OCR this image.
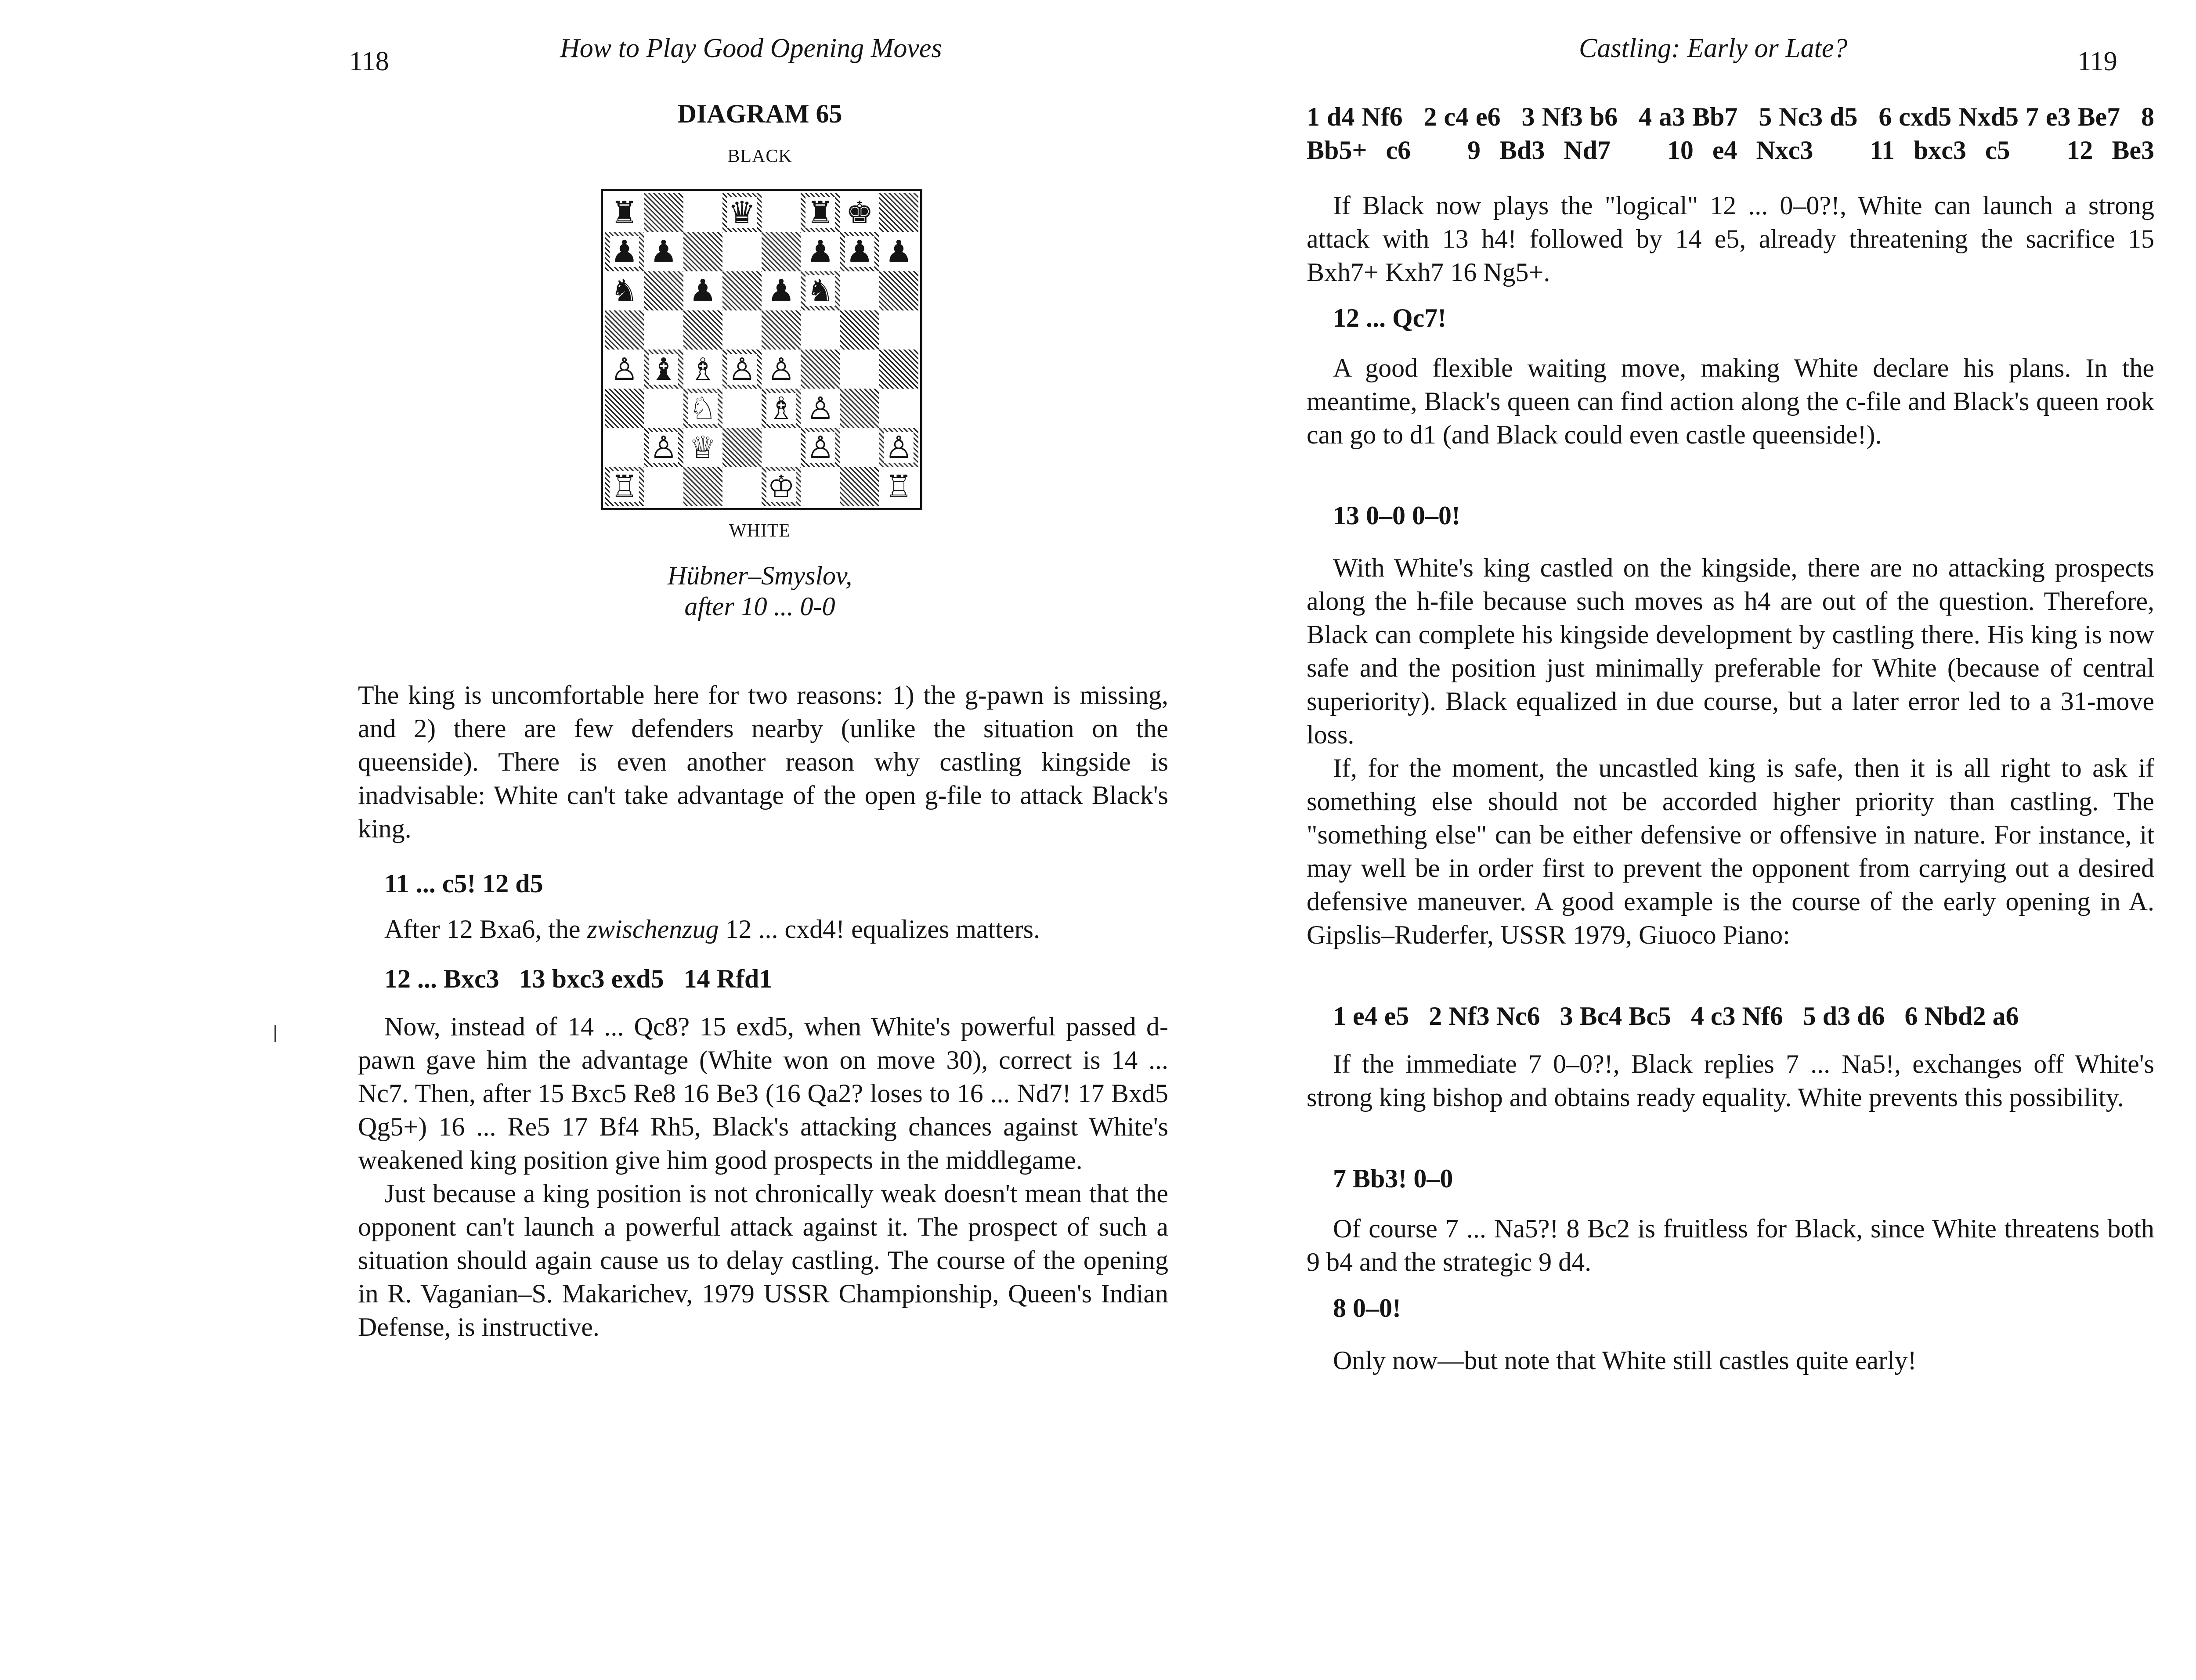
118	How to Play Good Opening Moves
DIAGRAM 65
BLACK
♜	♛ ♜ ♚
♟ ♟	♟ ♟ ♟
♞ ♟ ♟ ♞
♙ ♝ ♗ ♙ ♙
♘ ♗ ♙
♙ ♕	♙ ♙
♖	♔	♖
WHITE
Hübner–Smyslov,
after 10 ... 0-0

The king is uncomfortable here for two reasons: 1) the g-pawn is missing, and 2) there are few defenders nearby (unlike the situation on the queenside). There is even another reason why castling kingside is inadvisable: White can't take advantage of the open g-file to attack Black's king.

11 ... c5! 12 d5

After 12 Bxa6, the zwischenzug 12 ... cxd4! equalizes matters.

12 ... Bxc3   13 bxc3 exd5   14 Rfd1

Now, instead of 14 ... Qc8? 15 exd5, when White's powerful passed d-pawn gave him the advantage (White won on move 30), correct is 14 ... Nc7. Then, after 15 Bxc5 Re8 16 Be3 (16 Qa2? loses to 16 ... Nd7! 17 Bxd5 Qg5+) 16 ... Re5 17 Bf4 Rh5, Black's attacking chances against White's weakened king position give him good prospects in the middlegame.

Just because a king position is not chronically weak doesn't mean that the opponent can't launch a powerful attack against it. The prospect of such a situation should again cause us to delay castling. The course of the opening in R. Vaganian–S. Makarichev, 1979 USSR Championship, Queen's Indian Defense, is instructive.

Castling: Early or Late?	119
1 d4 Nf6   2 c4 e6   3 Nf3 b6   4 a3 Bb7   5 Nc3 d5   6 cxd5 Nxd5 7 e3 Be7   8 Bb5+ c6   9 Bd3 Nd7   10 e4 Nxc3   11 bxc3 c5   12 Be3

If Black now plays the "logical" 12 ... 0–0?!, White can launch a strong attack with 13 h4! followed by 14 e5, already threatening the sacrifice 15 Bxh7+ Kxh7 16 Ng5+.

12 ... Qc7!

A good flexible waiting move, making White declare his plans. In the meantime, Black's queen can find action along the c-file and Black's queen rook can go to d1 (and Black could even castle queenside!).

13 0–0 0–0!

With White's king castled on the kingside, there are no attacking prospects along the h-file because such moves as h4 are out of the question. Therefore, Black can complete his kingside development by castling there. His king is now safe and the position just minimally preferable for White (because of central superiority). Black equalized in due course, but a later error led to a 31-move loss.

If, for the moment, the uncastled king is safe, then it is all right to ask if something else should not be accorded higher priority than castling. The "something else" can be either defensive or offensive in nature. For instance, it may well be in order first to prevent the opponent from carrying out a desired defensive maneuver. A good example is the course of the early opening in A. Gipslis–Ruderfer, USSR 1979, Giuoco Piano:

1 e4 e5   2 Nf3 Nc6   3 Bc4 Bc5   4 c3 Nf6   5 d3 d6   6 Nbd2 a6

If the immediate 7 0–0?!, Black replies 7 ... Na5!, exchanges off White's strong king bishop and obtains ready equality. White prevents this possibility.

7 Bb3! 0–0

Of course 7 ... Na5?! 8 Bc2 is fruitless for Black, since White threatens both 9 b4 and the strategic 9 d4.

8 0–0!

Only now—but note that White still castles quite early!
